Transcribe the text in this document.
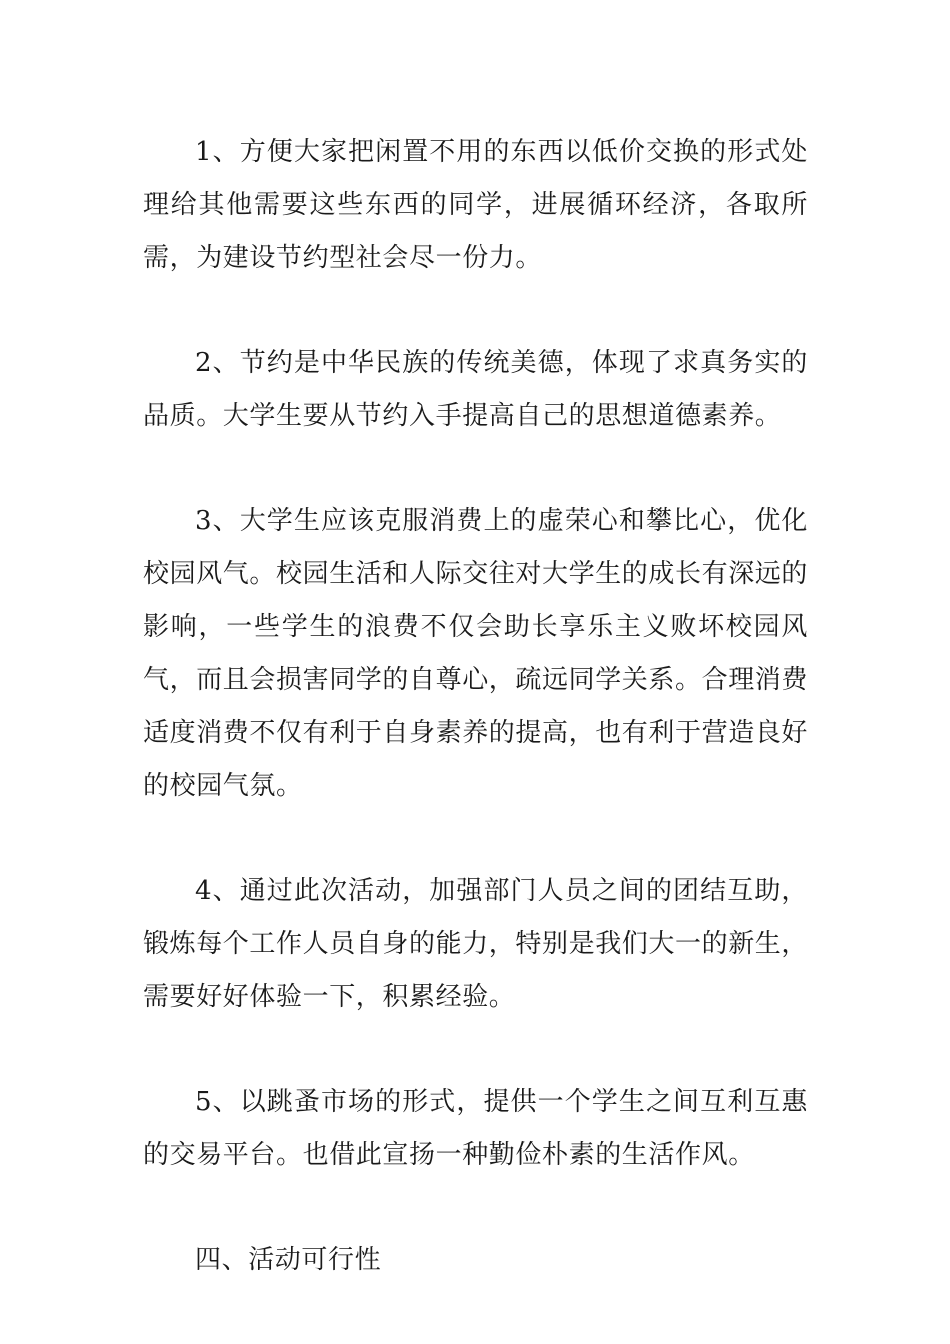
1、方便大家把闲置不用的东西以低价交换的形式处理给其他需要这些东西的同学，进展循环经济，各取所需，为建设节约型社会尽一份力。

2、节约是中华民族的传统美德，体现了求真务实的品质。大学生要从节约入手提高自己的思想道德素养。

3、大学生应该克服消费上的虚荣心和攀比心，优化校园风气。校园生活和人际交往对大学生的成长有深远的影响，一些学生的浪费不仅会助长享乐主义败坏校园风气，而且会损害同学的自尊心，疏远同学关系。合理消费适度消费不仅有利于自身素养的提高，也有利于营造良好的校园气氛。

4、通过此次活动，加强部门人员之间的团结互助，锻炼每个工作人员自身的能力，特别是我们大一的新生，需要好好体验一下，积累经验。

5、以跳蚤市场的形式，提供一个学生之间互利互惠的交易平台。也借此宣扬一种勤俭朴素的生活作风。

四、活动可行性
